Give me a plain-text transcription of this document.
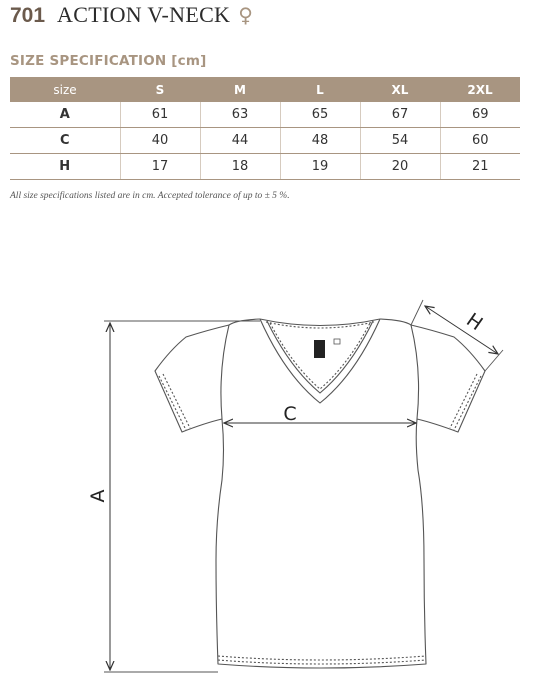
701 ACTION V-NECK ♀
SIZE SPECIFICATION [cm]
size	S	M	L	XL	2XL
A	61	63	65	67	69
C	40	44	48	54	60
H	17	18	19	20	21
All size specifications listed are in cm. Accepted tolerance of up to ± 5 %.
A
C
H
